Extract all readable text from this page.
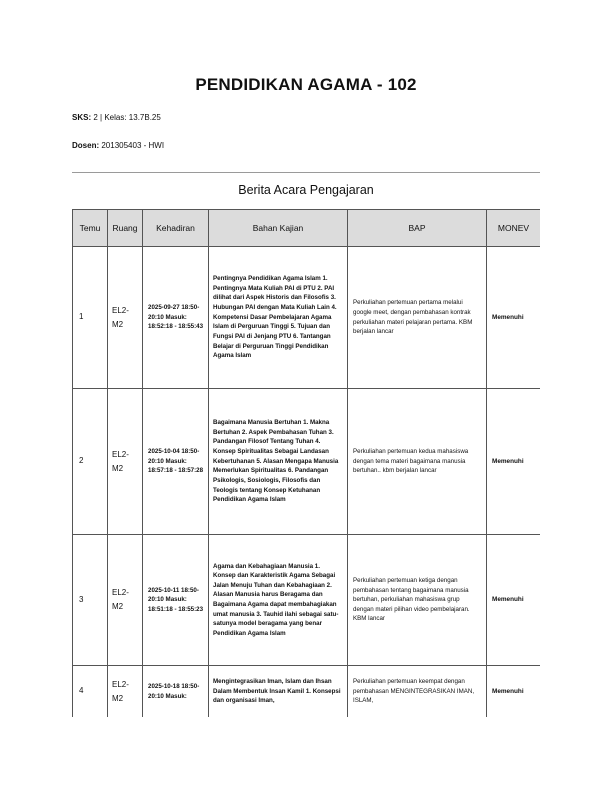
PENDIDIKAN AGAMA - 102
SKS: 2 | Kelas: 13.7B.25
Dosen: 201305403 - HWI
Berita Acara Pengajaran
Temu	Ruang	Kehadiran	Bahan Kajian	BAP	MONEV
1	EL2-M2	2025-09-27 18:50-20:10 Masuk: 18:52:18 - 18:55:43	Pentingnya Pendidikan Agama Islam 1. Pentingnya Mata Kuliah PAI di PTU 2. PAI dilihat dari Aspek Historis dan Filosofis 3. Hubungan PAI dengan Mata Kuliah Lain 4. Kompetensi Dasar Pembelajaran Agama Islam di Perguruan Tinggi 5. Tujuan dan Fungsi PAI di Jenjang PTU 6. Tantangan Belajar di Perguruan Tinggi Pendidikan Agama Islam	Perkuliahan pertemuan pertama melalui google meet, dengan pembahasan kontrak perkuliahan materi pelajaran pertama. KBM berjalan lancar	Memenuhi
2	EL2-M2	2025-10-04 18:50-20:10 Masuk: 18:57:18 - 18:57:28	Bagaimana Manusia Bertuhan 1. Makna Bertuhan 2. Aspek Pembahasan Tuhan 3. Pandangan Filosof Tentang Tuhan 4. Konsep Spiritualitas Sebagai Landasan Kebertuhanan 5. Alasan Mengapa Manusia Memerlukan Spiritualitas 6. Pandangan Psikologis, Sosiologis, Filosofis dan Teologis tentang Konsep Ketuhanan Pendidikan Agama Islam	Perkuliahan pertemuan kedua mahasiswa dengan tema materi bagaimana manusia bertuhan.. kbm berjalan lancar	Memenuhi
3	EL2-M2	2025-10-11 18:50-20:10 Masuk: 18:51:18 - 18:55:23	Agama dan Kebahagiaan Manusia 1. Konsep dan Karakteristik Agama Sebagai Jalan Menuju Tuhan dan Kebahagiaan 2. Alasan Manusia harus Beragama dan Bagaimana Agama dapat membahagiakan umat manusia 3. Tauhid ilahi sebagai satu-satunya model beragama yang benar Pendidikan Agama Islam	Perkuliahan pertemuan ketiga dengan pembahasan tentang bagaimana manusia bertuhan, perkuliahan mahasiswa grup dengan materi pilihan video pembelajaran. KBM lancar	Memenuhi
4	EL2-M2	2025-10-18 18:50-20:10 Masuk:	Mengintegrasikan Iman, Islam dan Ihsan Dalam Membentuk Insan Kamil 1. Konsepsi dan organisasi Iman,	Perkuliahan pertemuan keempat dengan pembahasan MENGINTEGRASIKAN IMAN, ISLAM,	Memenuhi
